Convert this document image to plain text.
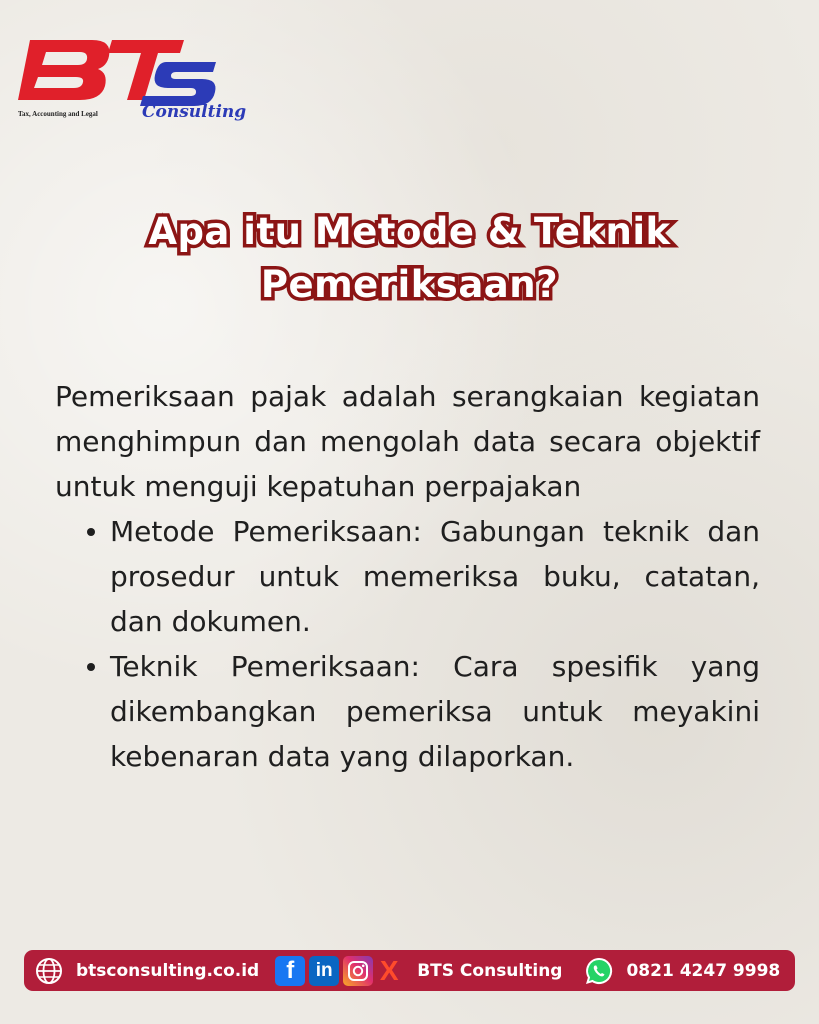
Consulting
Tax, Accounting and Legal
Apa itu Metode & Teknik
Pemeriksaan?

Pemeriksaan pajak adalah serangkaian kegiatan menghimpun dan mengolah data secara objektif untuk menguji kepatuhan perpajakan

Metode Pemeriksaan: Gabungan teknik dan prosedur untuk memeriksa buku, catatan, dan dokumen.
Teknik Pemeriksaan: Cara spesifik yang dikembangkan pemeriksa untuk meyakini kebenaran data yang dilaporkan.
btsconsulting.co.id	f	in X BTS Consulting	0821 4247 9998
